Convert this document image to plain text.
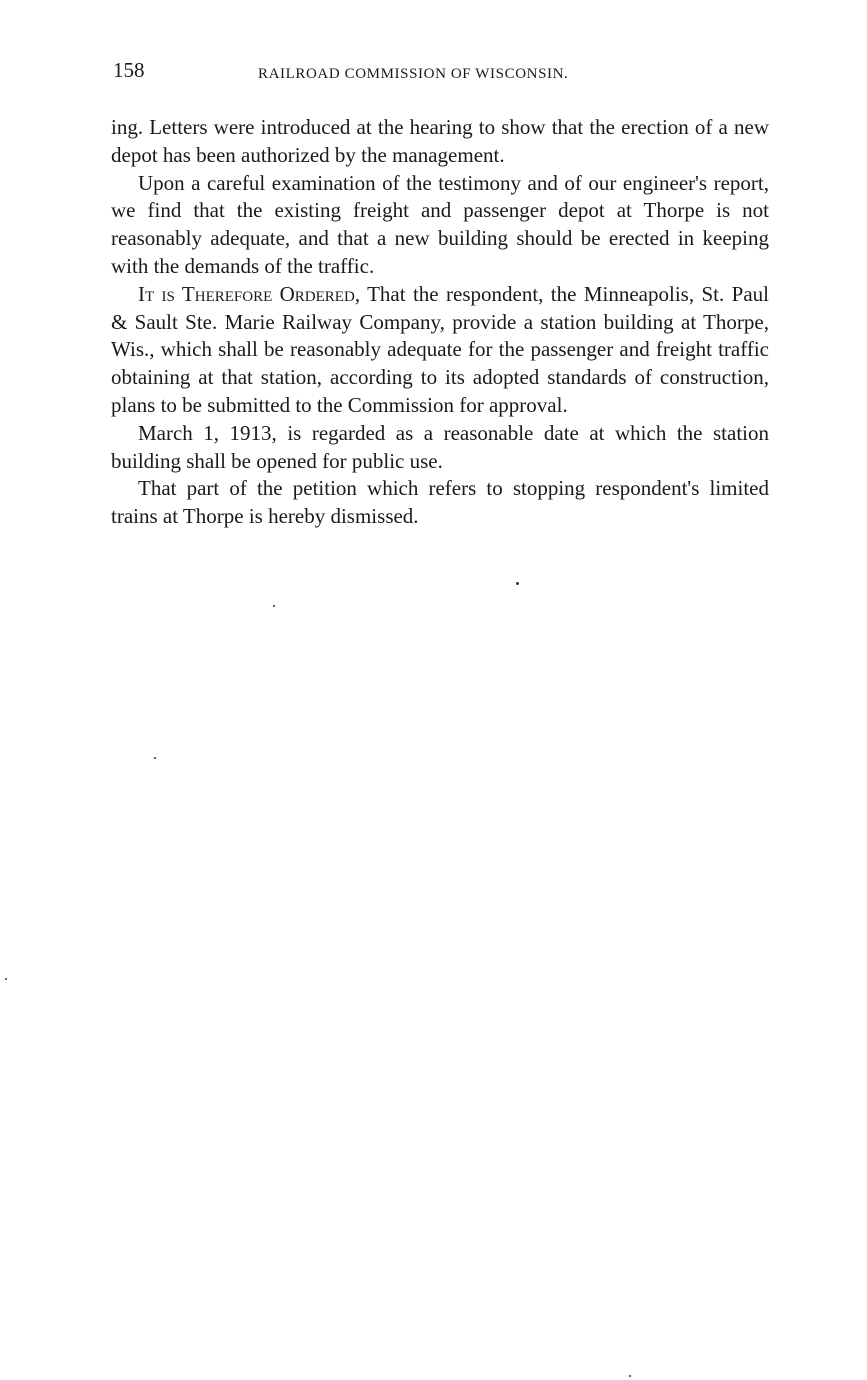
158	RAILROAD COMMISSION OF WISCONSIN.

ing. Letters were introduced at the hearing to show that the erection of a new depot has been authorized by the management.

Upon a careful examination of the testimony and of our engineer's report, we find that the existing freight and passenger depot at Thorpe is not reasonably adequate, and that a new building should be erected in keeping with the demands of the traffic.

It is Therefore Ordered, That the respondent, the Minneapolis, St. Paul & Sault Ste. Marie Railway Company, provide a station building at Thorpe, Wis., which shall be reasonably adequate for the passenger and freight traffic obtaining at that station, according to its adopted standards of construction, plans to be submitted to the Commission for approval.

March 1, 1913, is regarded as a reasonable date at which the station building shall be opened for public use.

That part of the petition which refers to stopping respondent's limited trains at Thorpe is hereby dismissed.
